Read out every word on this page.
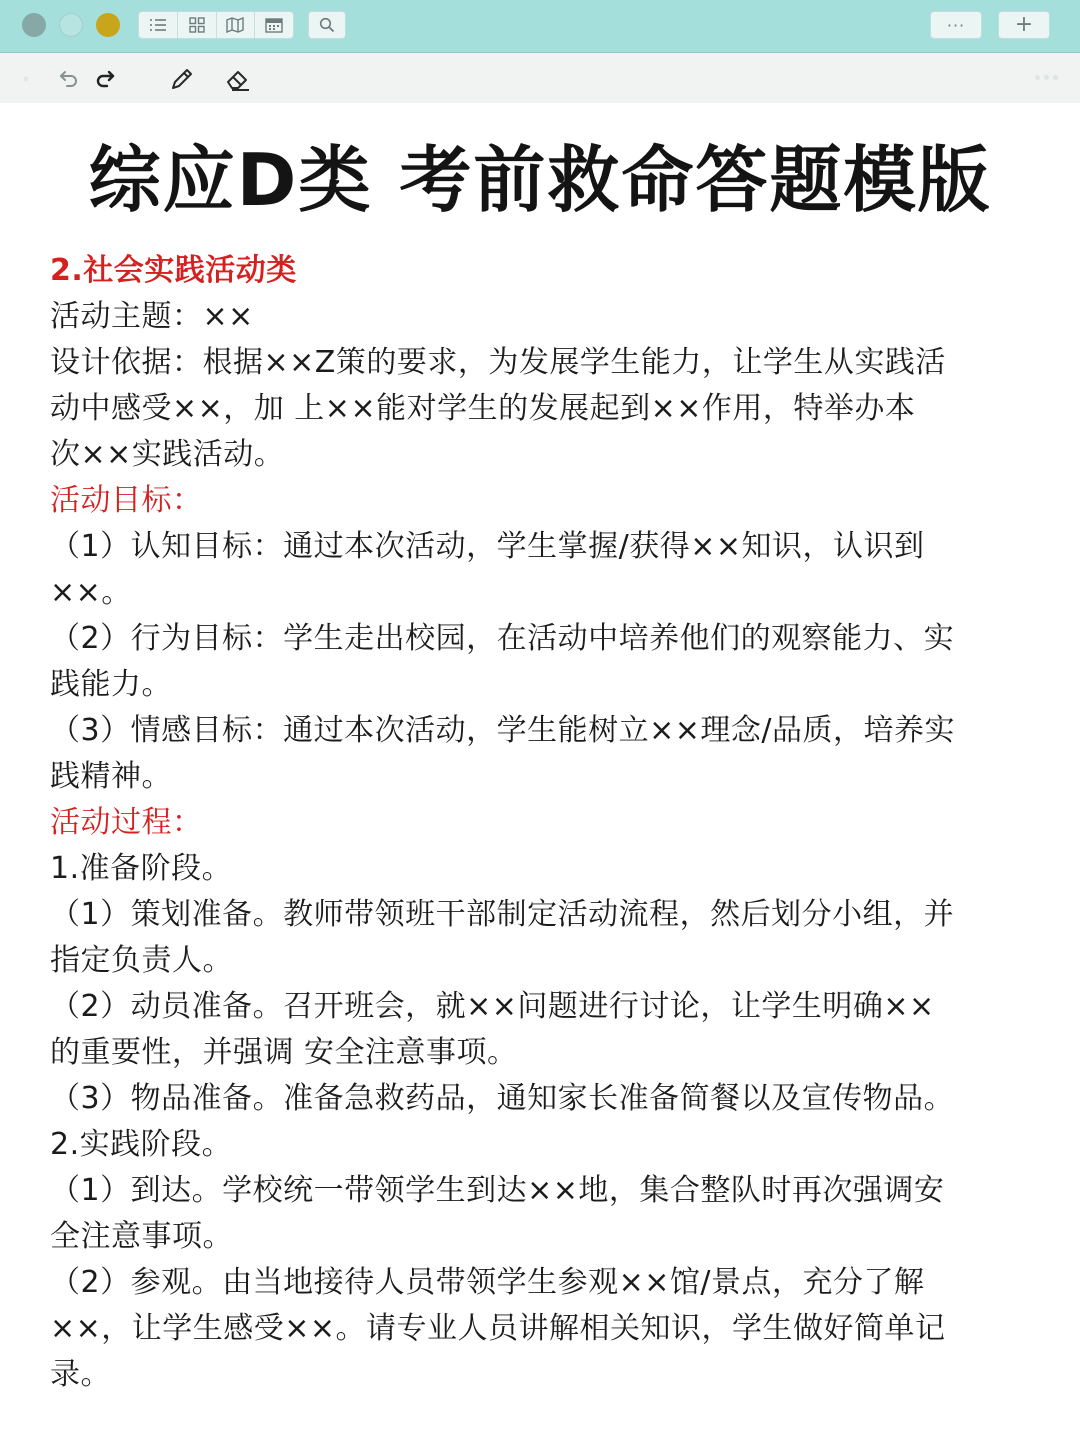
···	+
综应D类 考前救命答题模版
2.社会实践活动类
活动主题：××
设计依据：根据××Z策的要求，为发展学生能力，让学生从实践活
动中感受××，加 上××能对学生的发展起到××作用，特举办本
次××实践活动。
活动目标：
（1）认知目标：通过本次活动，学生掌握/获得××知识，认识到
××。
（2）行为目标：学生走出校园，在活动中培养他们的观察能力、实
践能力。
（3）情感目标：通过本次活动，学生能树立××理念/品质，培养实
践精神。
活动过程：
1.准备阶段。
（1）策划准备。教师带领班干部制定活动流程，然后划分小组，并
指定负责人。
（2）动员准备。召开班会，就××问题进行讨论，让学生明确××
的重要性，并强调 安全注意事项。
（3）物品准备。准备急救药品，通知家长准备简餐以及宣传物品。
2.实践阶段。
（1）到达。学校统一带领学生到达××地，集合整队时再次强调安
全注意事项。
（2）参观。由当地接待人员带领学生参观××馆/景点，充分了解
××，让学生感受××。请专业人员讲解相关知识，学生做好简单记
录。
